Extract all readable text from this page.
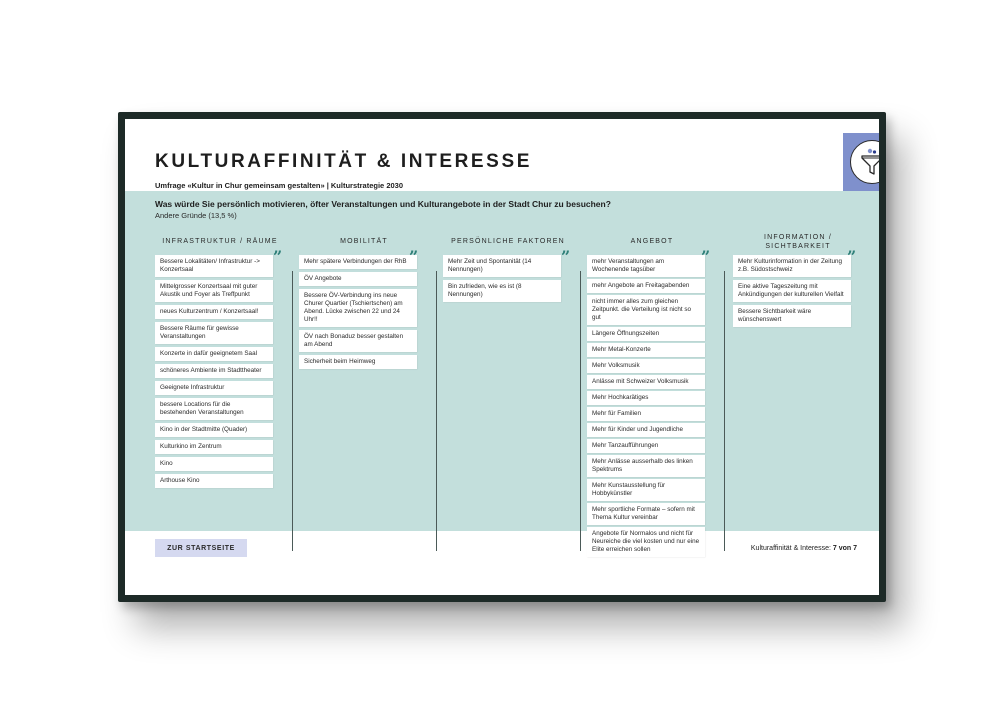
KULTURAFFINITÄT & INTERESSE
Umfrage «Kultur in Chur gemeinsam gestalten» | Kulturstrategie 2030
Was würde Sie persönlich motivieren, öfter Veranstaltungen und Kulturangebote in der Stadt Chur zu besuchen?
Andere Gründe (13,5 %)
INFRASTRUKTUR / RÄUME
”
Bessere Lokalitäten/ Infrastruktur -> Konzertsaal
Mittelgrosser Konzertsaal mit guter Akustik und Foyer als Treffpunkt
neues Kulturzentrum / Konzertsaal!
Bessere Räume für gewisse Veranstaltungen
Konzerte in dafür geeignetem Saal
schöneres Ambiente im Stadttheater
Geeignete Infrastruktur
bessere Locations für die bestehenden Veranstaltungen
Kino in der Stadtmitte (Quader)
Kulturkino im Zentrum
Kino
Arthouse Kino
MOBILITÄT
”
Mehr spätere Verbindungen der RhB
ÖV Angebote
Bessere ÖV-Verbindung ins neue Churer Quartier (Tschiertschen) am Abend. Lücke zwischen 22 und 24 Uhr!!
ÖV nach Bonaduz besser gestalten am Abend
Sicherheit beim Heimweg
PERSÖNLICHE FAKTOREN
”
Mehr Zeit und Spontanität (14 Nennungen)
Bin zufrieden, wie es ist (8 Nennungen)
ANGEBOT
”
mehr Veranstaltungen am Wochenende tagsüber
mehr Angebote an Freitagabenden
nicht immer alles zum gleichen Zeitpunkt. die Verteilung ist nicht so gut
Längere Öffnungszeiten
Mehr Metal-Konzerte
Mehr Volksmusik
Anlässe mit Schweizer Volksmusik
Mehr Hochkarätiges
Mehr für Familien
Mehr für Kinder und Jugendliche
Mehr Tanzaufführungen
Mehr Anlässe ausserhalb des linken Spektrums
Mehr Kunstausstellung für Hobbykünstler
Mehr sportliche Formate – sofern mit Thema Kultur vereinbar
Angebote für Normalos und nicht für Neureiche die viel kosten und nur eine Elite erreichen sollen
INFORMATION / SICHTBARKEIT
”
Mehr Kulturinformation in der Zeitung z.B. Südostschweiz
Eine aktive Tageszeitung mit Ankündigungen der kulturellen Vielfalt
Bessere Sichtbarkeit wäre wünschenswert
ZUR STARTSEITE	Kulturaffinität & Interesse: 7 von 7
